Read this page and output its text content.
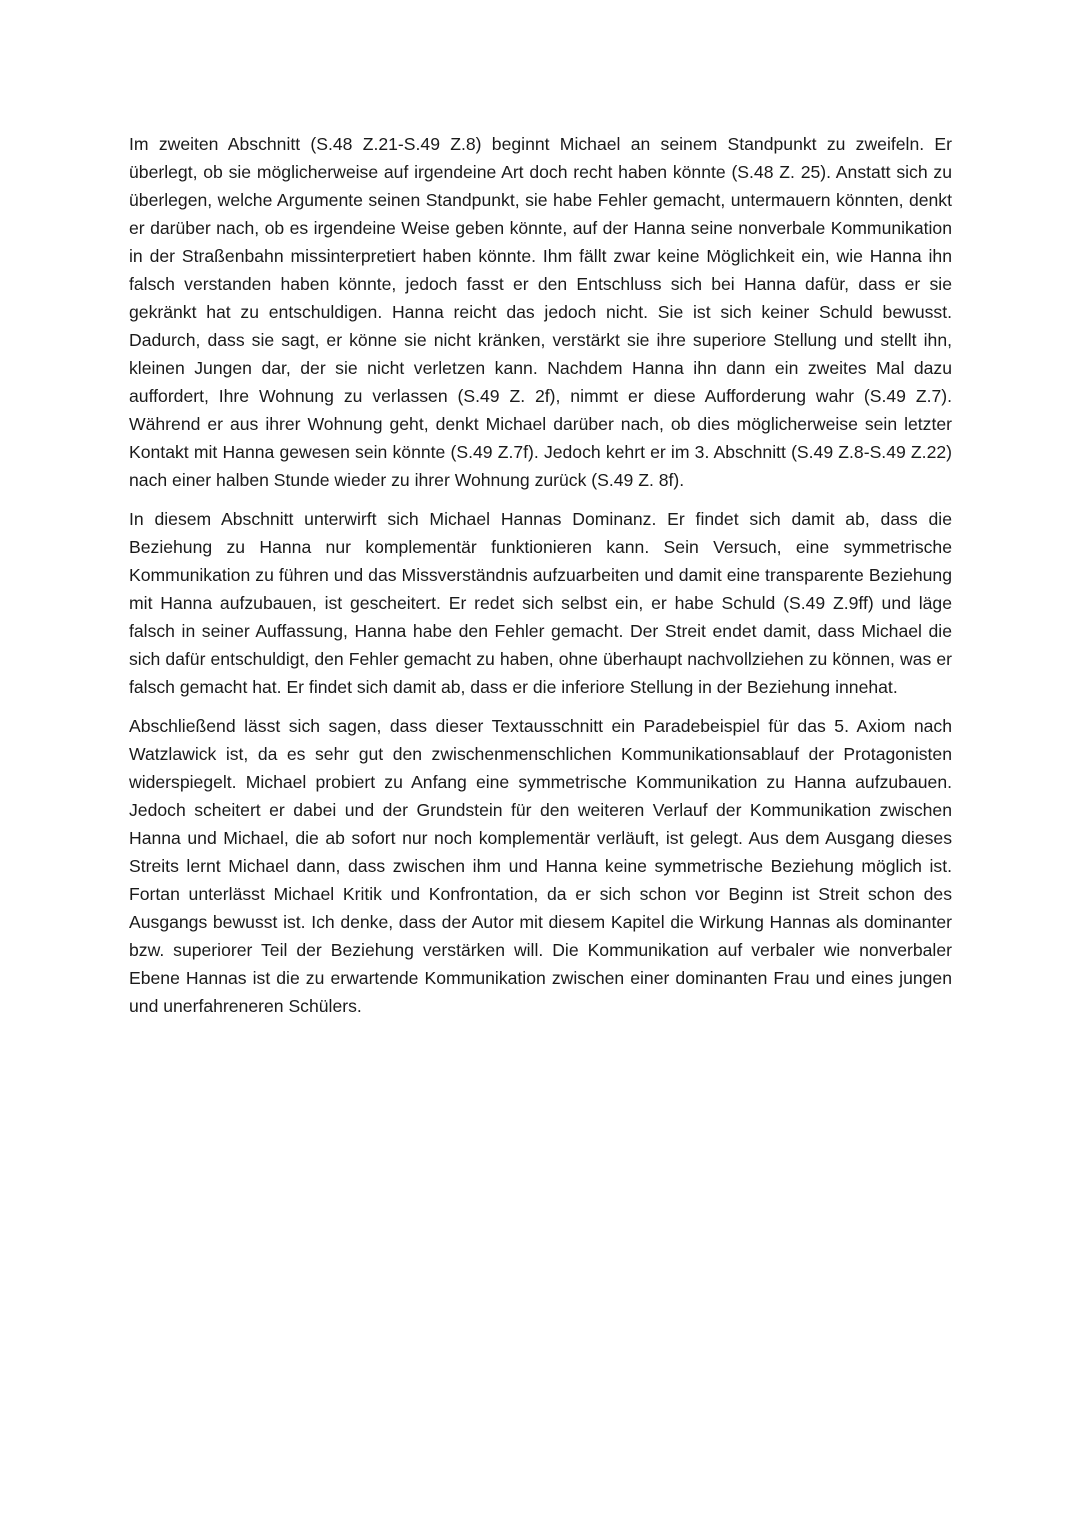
Im zweiten Abschnitt (S.48 Z.21-S.49 Z.8) beginnt Michael an seinem Standpunkt zu zweifeln. Er überlegt, ob sie möglicherweise auf irgendeine Art doch recht haben könnte (S.48 Z. 25). Anstatt sich zu überlegen, welche Argumente seinen Standpunkt, sie habe Fehler gemacht, untermauern könnten, denkt er darüber nach, ob es irgendeine Weise geben könnte, auf der Hanna seine nonverbale Kommunikation in der Straßenbahn missinterpretiert haben könnte. Ihm fällt zwar keine Möglichkeit ein, wie Hanna ihn falsch verstanden haben könnte, jedoch fasst er den Entschluss sich bei Hanna dafür, dass er sie gekränkt hat zu entschuldigen. Hanna reicht das jedoch nicht. Sie ist sich keiner Schuld bewusst. Dadurch, dass sie sagt, er könne sie nicht kränken, verstärkt sie ihre superiore Stellung und stellt ihn, kleinen Jungen dar, der sie nicht verletzen kann. Nachdem Hanna ihn dann ein zweites Mal dazu auffordert, Ihre Wohnung zu verlassen (S.49 Z. 2f), nimmt er diese Aufforderung wahr (S.49 Z.7). Während er aus ihrer Wohnung geht, denkt Michael darüber nach, ob dies möglicherweise sein letzter Kontakt mit Hanna gewesen sein könnte (S.49 Z.7f). Jedoch kehrt er im 3. Abschnitt (S.49 Z.8-S.49 Z.22) nach einer halben Stunde wieder zu ihrer Wohnung zurück (S.49 Z. 8f).

In diesem Abschnitt unterwirft sich Michael Hannas Dominanz. Er findet sich damit ab, dass die Beziehung zu Hanna nur komplementär funktionieren kann. Sein Versuch, eine symmetrische Kommunikation zu führen und das Missverständnis aufzuarbeiten und damit eine transparente Beziehung mit Hanna aufzubauen, ist gescheitert. Er redet sich selbst ein, er habe Schuld (S.49 Z.9ff) und läge falsch in seiner Auffassung, Hanna habe den Fehler gemacht. Der Streit endet damit, dass Michael die sich dafür entschuldigt, den Fehler gemacht zu haben, ohne überhaupt nachvollziehen zu können, was er falsch gemacht hat. Er findet sich damit ab, dass er die inferiore Stellung in der Beziehung innehat.

Abschließend lässt sich sagen, dass dieser Textausschnitt ein Paradebeispiel für das 5. Axiom nach Watzlawick ist, da es sehr gut den zwischenmenschlichen Kommunikationsablauf der Protagonisten widerspiegelt. Michael probiert zu Anfang eine symmetrische Kommunikation zu Hanna aufzubauen. Jedoch scheitert er dabei und der Grundstein für den weiteren Verlauf der Kommunikation zwischen Hanna und Michael, die ab sofort nur noch komplementär verläuft, ist gelegt. Aus dem Ausgang dieses Streits lernt Michael dann, dass zwischen ihm und Hanna keine symmetrische Beziehung möglich ist. Fortan unterlässt Michael Kritik und Konfrontation, da er sich schon vor Beginn ist Streit schon des Ausgangs bewusst ist. Ich denke, dass der Autor mit diesem Kapitel die Wirkung Hannas als dominanter bzw. superiorer Teil der Beziehung verstärken will. Die Kommunikation auf verbaler wie nonverbaler Ebene Hannas ist die zu erwartende Kommunikation zwischen einer dominanten Frau und eines jungen und unerfahreneren Schülers.
